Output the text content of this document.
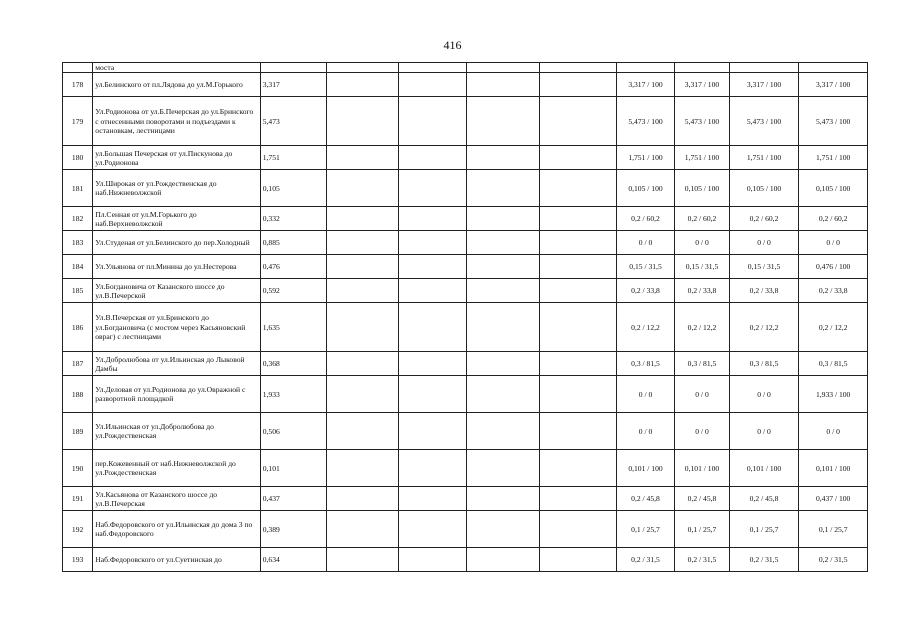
416
	моста									
178	ул.Белинского от пл.Лядова до ул.М.Горького	3,317					3,317 / 100	3,317 / 100	3,317 / 100	3,317 / 100
179	Ул.Родионова от ул.Б.Печерская до ул.Бринского с отнесенными поворотами и подъездами к остановкам, лестницами	5,473					5,473 / 100	5,473 / 100	5,473 / 100	5,473 / 100
180	ул.Большая Печерская от ул.Пискунова до ул.Родионова	1,751					1,751 / 100	1,751 / 100	1,751 / 100	1,751 / 100
181	Ул.Широкая от ул.Рождественская до наб.Нижневолжской	0,105					0,105 / 100	0,105 / 100	0,105 / 100	0,105 / 100
182	Пл.Сенная от ул.М.Горького до наб.Верхневолжской	0,332					0,2 / 60,2	0,2 / 60,2	0,2 / 60,2	0,2 / 60,2
183	Ул.Студеная от ул.Белинского до пер.Холодный	0,885					0 / 0	0 / 0	0 / 0	0 / 0
184	Ул.Ульянова от пл.Минина до ул.Нестерова	0,476					0,15 / 31,5	0,15 / 31,5	0,15 / 31,5	0,476 / 100
185	Ул.Богдановича от Казанского шоссе до ул.В.Печерской	0,592					0,2 / 33,8	0,2 / 33,8	0,2 / 33,8	0,2 / 33,8
186	Ул.В.Печерская от ул.Бринского до ул.Богдановича (с мостом через Касьяновский овраг) с лестницами	1,635					0,2 / 12,2	0,2 / 12,2	0,2 / 12,2	0,2 / 12,2
187	Ул.Добролюбова от ул.Ильинская до Лыковой Дамбы	0,368					0,3 / 81,5	0,3 / 81,5	0,3 / 81,5	0,3 / 81,5
188	Ул.Деловая от ул.Родионова до ул.Овражной с разворотной площадкой	1,933					0 / 0	0 / 0	0 / 0	1,933 / 100
189	Ул.Ильинская от ул.Добролюбова до ул.Рождественская	0,506					0 / 0	0 / 0	0 / 0	0 / 0
190	пер.Кожевенный от наб.Нижневолжской до ул.Рождественская	0,101					0,101 / 100	0,101 / 100	0,101 / 100	0,101 / 100
191	Ул.Касьянова от Казанского шоссе до ул.В.Печерская	0,437					0,2 / 45,8	0,2 / 45,8	0,2 / 45,8	0,437 / 100
192	Наб.Федоровского от ул.Ильинская до дома 3 по наб.Федоровского	0,389					0,1 / 25,7	0,1 / 25,7	0,1 / 25,7	0,1 / 25,7
193	Наб.Федоровского от ул.Суетинская до	0,634					0,2 / 31,5	0,2 / 31,5	0,2 / 31,5	0,2 / 31,5
